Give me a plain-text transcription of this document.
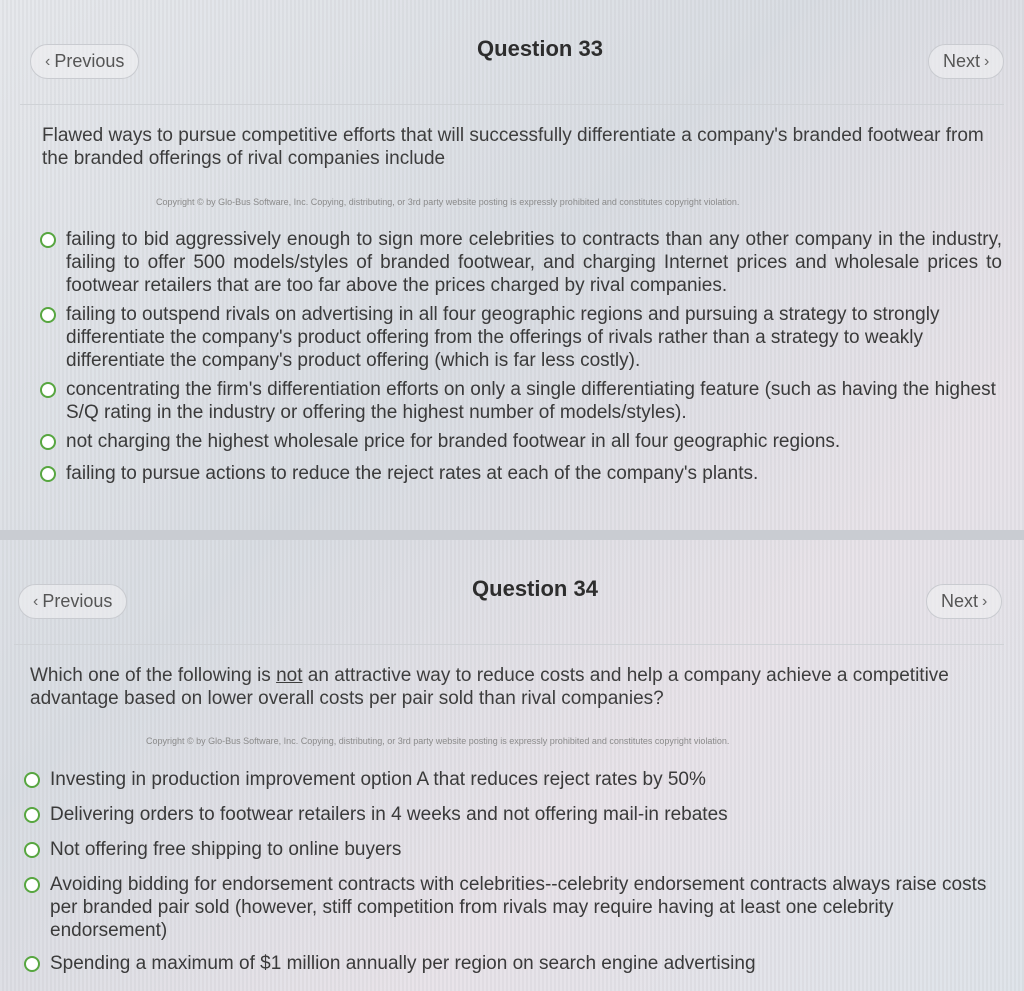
‹ Previous	Question 33	Next ›
Flawed ways to pursue competitive efforts that will successfully differentiate a company's branded footwear from the branded offerings of rival companies include
Copyright © by Glo-Bus Software, Inc. Copying, distributing, or 3rd party website posting is expressly prohibited and constitutes copyright violation.
failing to bid aggressively enough to sign more celebrities to contracts than any other company in the industry, failing to offer 500 models/styles of branded footwear, and charging Internet prices and wholesale prices to footwear retailers that are too far above the prices charged by rival companies.
failing to outspend rivals on advertising in all four geographic regions and pursuing a strategy to strongly differentiate the company's product offering from the offerings of rivals rather than a strategy to weakly differentiate the company's product offering (which is far less costly).
concentrating the firm's differentiation efforts on only a single differentiating feature (such as having the highest S/Q rating in the industry or offering the highest number of models/styles).
not charging the highest wholesale price for branded footwear in all four geographic regions.
failing to pursue actions to reduce the reject rates at each of the company's plants.
‹ Previous	Question 34	Next ›
Which one of the following is not an attractive way to reduce costs and help a company achieve a competitive advantage based on lower overall costs per pair sold than rival companies?
Copyright © by Glo-Bus Software, Inc. Copying, distributing, or 3rd party website posting is expressly prohibited and constitutes copyright violation.
Investing in production improvement option A that reduces reject rates by 50%
Delivering orders to footwear retailers in 4 weeks and not offering mail-in rebates
Not offering free shipping to online buyers
Avoiding bidding for endorsement contracts with celebrities--celebrity endorsement contracts always raise costs per branded pair sold (however, stiff competition from rivals may require having at least one celebrity endorsement)
Spending a maximum of $1 million annually per region on search engine advertising
